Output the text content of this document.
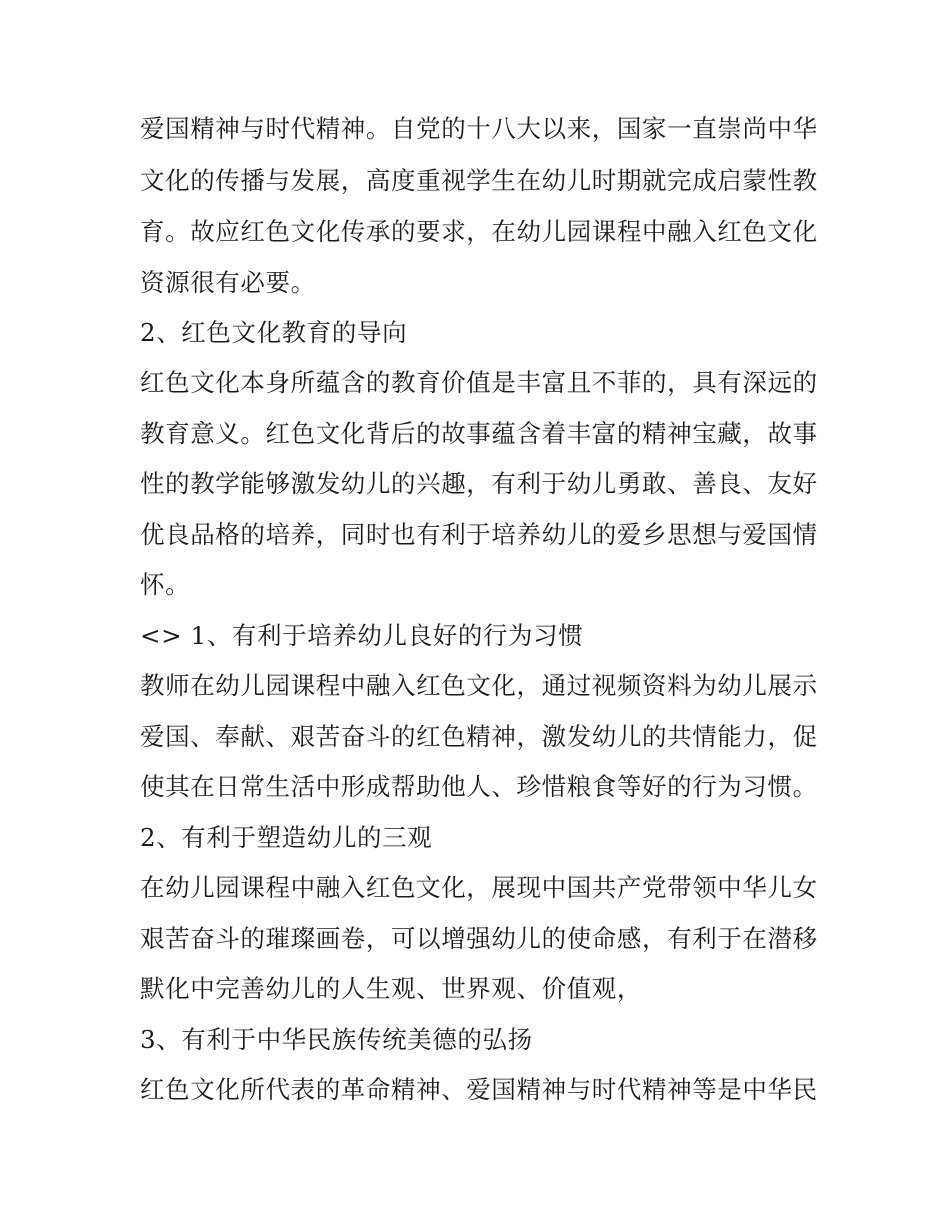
爱国精神与时代精神。自党的十八大以来，国家一直崇尚中华
文化的传播与发展，高度重视学生在幼儿时期就完成启蒙性教
育。故应红色文化传承的要求，在幼儿园课程中融入红色文化
资源很有必要。
2、红色文化教育的导向
红色文化本身所蕴含的教育价值是丰富且不菲的，具有深远的
教育意义。红色文化背后的故事蕴含着丰富的精神宝藏，故事
性的教学能够激发幼儿的兴趣，有利于幼儿勇敢、善良、友好
优良品格的培养，同时也有利于培养幼儿的爱乡思想与爱国情
怀。
<> 1、有利于培养幼儿良好的行为习惯
教师在幼儿园课程中融入红色文化，通过视频资料为幼儿展示
爱国、奉献、艰苦奋斗的红色精神，激发幼儿的共情能力，促
使其在日常生活中形成帮助他人、珍惜粮食等好的行为习惯。
2、有利于塑造幼儿的三观
在幼儿园课程中融入红色文化，展现中国共产党带领中华儿女
艰苦奋斗的璀璨画卷，可以增强幼儿的使命感，有利于在潜移
默化中完善幼儿的人生观、世界观、价值观，
3、有利于中华民族传统美德的弘扬
红色文化所代表的革命精神、爱国精神与时代精神等是中华民
